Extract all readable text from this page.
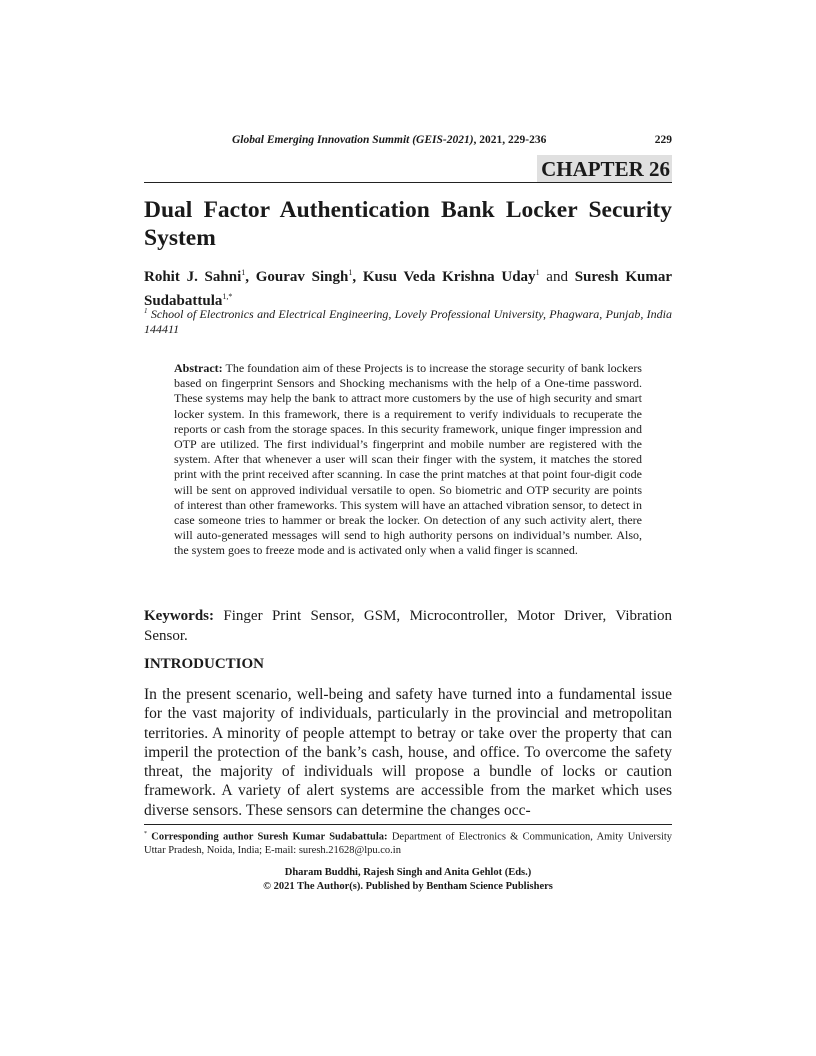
Global Emerging Innovation Summit (GEIS-2021), 2021, 229-236	229
CHAPTER 26
Dual Factor Authentication Bank Locker Security System
Rohit J. Sahni$^1$, Gourav Singh$^1$, Kusu Veda Krishna Uday$^1$ and Suresh Kumar Sudabattula$^{1,*}$
$^1$ School of Electronics and Electrical Engineering, Lovely Professional University, Phagwara, Punjab, India 144411
Abstract: The foundation aim of these Projects is to increase the storage security of bank lockers based on fingerprint Sensors and Shocking mechanisms with the help of a One-time password. These systems may help the bank to attract more customers by the use of high security and smart locker system. In this framework, there is a requirement to verify individuals to recuperate the reports or cash from the storage spaces. In this security framework, unique finger impression and OTP are utilized. The first individual’s fingerprint and mobile number are registered with the system. After that whenever a user will scan their finger with the system, it matches the stored print with the print received after scanning. In case the print matches at that point four-digit code will be sent on approved individual versatile to open. So biometric and OTP security are points of interest than other frameworks. This system will have an attached vibration sensor, to detect in case someone tries to hammer or break the locker. On detection of any such activity alert, there will auto-generated messages will send to high authority persons on individual’s number. Also, the system goes to freeze mode and is activated only when a valid finger is scanned.
Keywords: Finger Print Sensor, GSM, Microcontroller, Motor Driver, Vibration Sensor.
INTRODUCTION
In the present scenario, well-being and safety have turned into a fundamental issue for the vast majority of individuals, particularly in the provincial and metropolitan territories. A minority of people attempt to betray or take over the property that can imperil the protection of the bank’s cash, house, and office. To overcome the safety threat, the majority of individuals will propose a bundle of locks or caution framework. A variety of alert systems are accessible from the market which uses diverse sensors. These sensors can determine the changes occ-
* Corresponding author Suresh Kumar Sudabattula: Department of Electronics & Communication, Amity University Uttar Pradesh, Noida, India; E-mail: suresh.21628@lpu.co.in
Dharam Buddhi, Rajesh Singh and Anita Gehlot (Eds.)
© 2021 The Author(s). Published by Bentham Science Publishers
